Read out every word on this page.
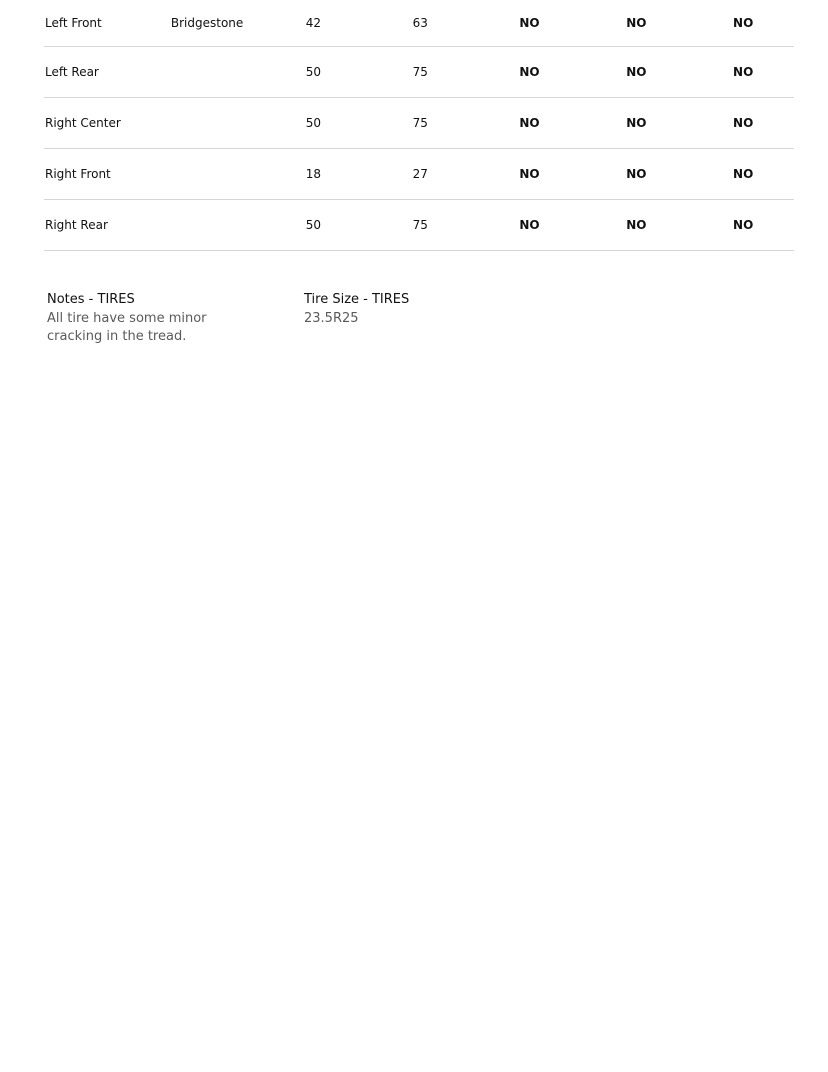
Left Front	Bridgestone	42	63	NO	NO	NO
Left Rear		50	75	NO	NO	NO
Right Center		50	75	NO	NO	NO
Right Front		18	27	NO	NO	NO
Right Rear		50	75	NO	NO	NO
Notes - TIRES
All tire have some minor cracking in the tread.
Tire Size - TIRES
23.5R25
